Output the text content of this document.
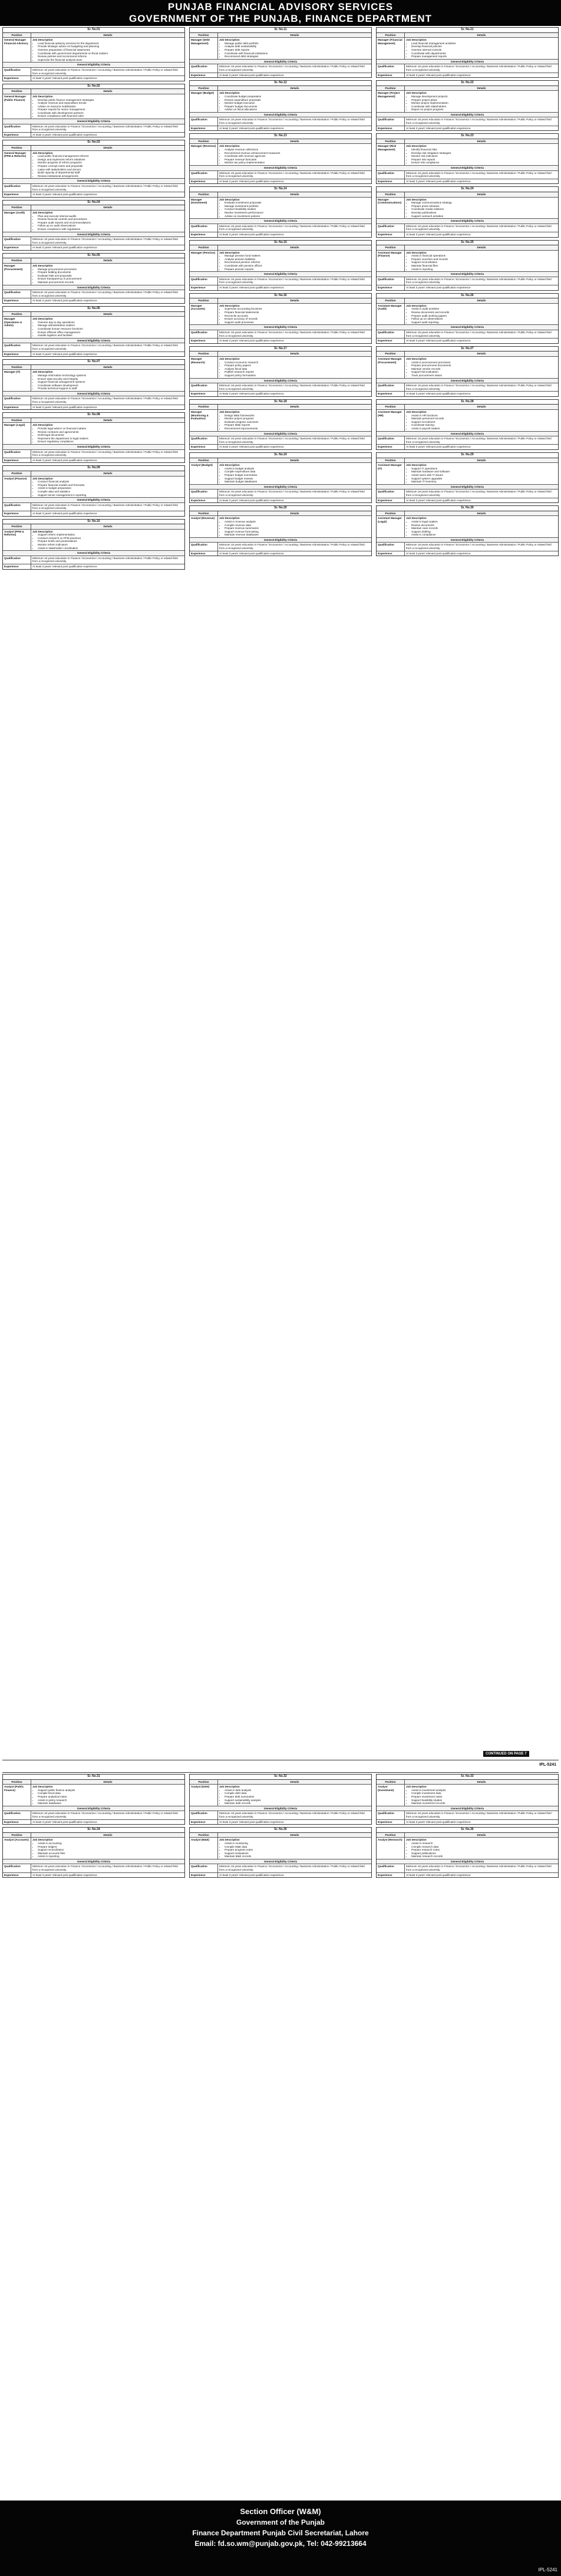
PUNJAB FINANCIAL ADVISORY SERVICES
GOVERNMENT OF THE PUNJAB, FINANCE DEPARTMENT
Sr. No.01
Position	Details
General Manager Financial Advisory
Job Description
• Lead financial advisory services for the department
• Provide strategic advice on budgeting and planning
• Oversee preparation of financial statements
• Coordinate with government departments on fiscal matters
• Review policies and recommend reforms
• Supervise the financial analysis team
General Eligibility Criteria
Qualification	Minimum 16 years education in Finance / Economics / Accounting / Business Administration / Public Policy or related field from a recognized university.
Experience	At least 3 years' relevant post qualification experience.
Sr. No.02
Position	Details
General Manager (Public Finance)
Job Description
• Develop public finance management strategies
• Analyse revenue and expenditure trends
• Advise on resource mobilization
• Prepare reports for senior management
• Coordinate with development partners
• Ensure compliance with financial rules
General Eligibility Criteria
Qualification	Minimum 16 years education in Finance / Economics / Accounting / Business Administration / Public Policy or related field from a recognized university.
Experience	At least 3 years' relevant post qualification experience.
Sr. No.03
Position	Details
General Manager (PFM & Reforms)
Job Description
• Lead public financial management reforms
• Design and implement reform initiatives
• Monitor progress of reform programs
• Prepare concept notes and proposals
• Liaise with stakeholders and donors
• Build capacity of departmental staff
• Review institutional arrangements
General Eligibility Criteria
Qualification	Minimum 16 years education in Finance / Economics / Accounting / Business Administration / Public Policy or related field from a recognized university.
Experience	At least 3 years' relevant post qualification experience.
Sr. No.04
Position	Details
Manager (Audit)	Job Description
• Plan and execute internal audits
• Review financial controls and procedures
• Prepare audit reports and recommendations
• Follow up on audit observations
• Ensure compliance with regulations
General Eligibility Criteria
Qualification	Minimum 16 years education in Finance / Economics / Accounting / Business Administration / Public Policy or related field from a recognized university.
Experience	At least 3 years' relevant post qualification experience.
Sr. No.05
Position	Details
Manager (Procurement)
Job Description
• Manage procurement processes
• Prepare bidding documents
• Evaluate bids and proposals
• Ensure transparency in procurement
• Maintain procurement records
General Eligibility Criteria
Qualification	Minimum 16 years education in Finance / Economics / Accounting / Business Administration / Public Policy or related field from a recognized university.
Experience	At least 3 years' relevant post qualification experience.
Sr. No.06
Position	Details
Manager (Operations & Admin)
Job Description
• Oversee day to day operations
• Manage administrative matters
• Coordinate human resource functions
• Ensure efficient office management
• Handle logistics and facilities
General Eligibility Criteria
Qualification	Minimum 16 years education in Finance / Economics / Accounting / Business Administration / Public Policy or related field from a recognized university.
Experience	At least 3 years' relevant post qualification experience.
Sr. No.07
Position	Details
Manager (IT)	Job Description
• Manage information technology systems
• Ensure data security and integrity
• Support financial management systems
• Coordinate software development
• Provide technical support to staff
General Eligibility Criteria
Qualification	Minimum 16 years education in Finance / Economics / Accounting / Business Administration / Public Policy or related field from a recognized university.
Experience	At least 3 years' relevant post qualification experience.
Sr. No.08
Position	Details
Manager (Legal)	Job Description
• Provide legal advice on financial matters
• Review contracts and agreements
• Draft legal documents
• Represent the department in legal matters
• Ensure regulatory compliance
General Eligibility Criteria
Qualification	Minimum 16 years education in Finance / Economics / Accounting / Business Administration / Public Policy or related field from a recognized university.
Experience	At least 3 years' relevant post qualification experience.
Sr. No.09
Position	Details
Analyst (Finance)	Job Description
• Conduct financial analysis
• Prepare financial models and forecasts
• Assist in budget preparation
• Compile data and statistics
• Support senior management in reporting
General Eligibility Criteria
Qualification	Minimum 16 years education in Finance / Economics / Accounting / Business Administration / Public Policy or related field from a recognized university.
Experience	At least 3 years' relevant post qualification experience.
Sr. No.10
Position	Details
Analyst (PFM & Reforms)
Job Description
• Support reform implementation
• Conduct research on PFM practices
• Prepare briefs and presentations
• Monitor reform indicators
• Assist in stakeholder coordination
General Eligibility Criteria
Qualification	Minimum 16 years education in Finance / Economics / Accounting / Business Administration / Public Policy or related field from a recognized university.
Experience	At least 3 years' relevant post qualification experience.
Sr. No.11
Position	Details
Manager (Debt Management)
Job Description
• Manage public debt portfolio
• Analyse debt sustainability
• Prepare debt reports
• Coordinate with financial institutions
• Recommend debt strategies
General Eligibility Criteria
Qualification	Minimum 16 years education in Finance / Economics / Accounting / Business Administration / Public Policy or related field from a recognized university.
Experience	At least 3 years' relevant post qualification experience.
Sr. No.12
Position	Details
Manager (Budget)	Job Description
• Coordinate budget preparation
• Review expenditure proposals
• Monitor budget execution
• Prepare budget documents
• Advise on fiscal allocations
General Eligibility Criteria
Qualification	Minimum 16 years education in Finance / Economics / Accounting / Business Administration / Public Policy or related field from a recognized university.
Experience	At least 3 years' relevant post qualification experience.
Sr. No.13
Position	Details
Manager (Revenue)	Job Description
• Analyse revenue collections
• Recommend revenue enhancement measures
• Coordinate with revenue agencies
• Prepare revenue forecasts
• Monitor tax policy implementation
General Eligibility Criteria
Qualification	Minimum 16 years education in Finance / Economics / Accounting / Business Administration / Public Policy or related field from a recognized university.
Experience	At least 3 years' relevant post qualification experience.
Sr. No.14
Position	Details
Manager (Investment)
Job Description
• Evaluate investment proposals
• Manage investment portfolio
• Conduct feasibility studies
• Monitor investment performance
• Advise on investment policies
General Eligibility Criteria
Qualification	Minimum 16 years education in Finance / Economics / Accounting / Business Administration / Public Policy or related field from a recognized university.
Experience	At least 3 years' relevant post qualification experience.
Sr. No.15
Position	Details
Manager (Pension)	Job Description
• Manage pension fund matters
• Analyse pension liabilities
• Recommend pension reforms
• Coordinate with pension offices
• Prepare pension reports
General Eligibility Criteria
Qualification	Minimum 16 years education in Finance / Economics / Accounting / Business Administration / Public Policy or related field from a recognized university.
Experience	At least 3 years' relevant post qualification experience.
Sr. No.16
Position	Details
Manager (Accounts)
Job Description
• Supervise accounting functions
• Prepare financial statements
• Reconcile accounts
• Ensure accuracy of records
• Support audit processes
General Eligibility Criteria
Qualification	Minimum 16 years education in Finance / Economics / Accounting / Business Administration / Public Policy or related field from a recognized university.
Experience	At least 3 years' relevant post qualification experience.
Sr. No.17
Position	Details
Manager (Research)
Job Description
• Conduct economic research
• Prepare policy papers
• Analyse fiscal data
• Publish research reports
• Support policy formulation
General Eligibility Criteria
Qualification	Minimum 16 years education in Finance / Economics / Accounting / Business Administration / Public Policy or related field from a recognized university.
Experience	At least 3 years' relevant post qualification experience.
Sr. No.18
Position	Details
Manager (Monitoring & Evaluation)
Job Description
• Design M&E frameworks
• Monitor project progress
• Evaluate program outcomes
• Prepare M&E reports
• Recommend improvements
General Eligibility Criteria
Qualification	Minimum 16 years education in Finance / Economics / Accounting / Business Administration / Public Policy or related field from a recognized university.
Experience	At least 3 years' relevant post qualification experience.
Sr. No.19
Position	Details
Analyst (Budget)	Job Description
• Assist in budget analysis
• Compile expenditure data
• Prepare budget summaries
• Support budget reviews
• Maintain budget databases
General Eligibility Criteria
Qualification	Minimum 16 years education in Finance / Economics / Accounting / Business Administration / Public Policy or related field from a recognized university.
Experience	At least 3 years' relevant post qualification experience.
Sr. No.20
Position	Details
Analyst (Revenue)	Job Description
• Assist in revenue analysis
• Compile revenue data
• Prepare revenue summaries
• Support revenue forecasting
• Maintain revenue databases
General Eligibility Criteria
Qualification	Minimum 16 years education in Finance / Economics / Accounting / Business Administration / Public Policy or related field from a recognized university.
Experience	At least 3 years' relevant post qualification experience.
Sr. No.21
Position	Details
Manager (Financial Management)
Job Description
• Lead financial management activities
• Develop financial policies
• Oversee internal controls
• Coordinate with departments
• Prepare management reports
General Eligibility Criteria
Qualification	Minimum 16 years education in Finance / Economics / Accounting / Business Administration / Public Policy or related field from a recognized university.
Experience	At least 3 years' relevant post qualification experience.
Sr. No.22
Position	Details
Manager (Project Management)
Job Description
• Manage development projects
• Prepare project plans
• Monitor project implementation
• Coordinate with stakeholders
• Report on project progress
General Eligibility Criteria
Qualification	Minimum 16 years education in Finance / Economics / Accounting / Business Administration / Public Policy or related field from a recognized university.
Experience	At least 3 years' relevant post qualification experience.
Sr. No.23
Position	Details
Manager (Risk Management)
Job Description
• Identify financial risks
• Develop risk mitigation strategies
• Monitor risk indicators
• Prepare risk reports
• Ensure risk compliance
General Eligibility Criteria
Qualification	Minimum 16 years education in Finance / Economics / Accounting / Business Administration / Public Policy or related field from a recognized university.
Experience	At least 3 years' relevant post qualification experience.
Sr. No.24
Position	Details
Manager (Communications)
Job Description
• Manage communications strategy
• Prepare press releases
• Coordinate media relations
• Develop publications
• Support outreach activities
General Eligibility Criteria
Qualification	Minimum 16 years education in Finance / Economics / Accounting / Business Administration / Public Policy or related field from a recognized university.
Experience	At least 3 years' relevant post qualification experience.
Sr. No.25
Position	Details
Assistant Manager (Finance)
Job Description
• Assist in financial operations
• Prepare vouchers and records
• Support reconciliation
• Maintain financial files
• Assist in reporting
General Eligibility Criteria
Qualification	Minimum 16 years education in Finance / Economics / Accounting / Business Administration / Public Policy or related field from a recognized university.
Experience	At least 3 years' relevant post qualification experience.
Sr. No.26
Position	Details
Assistant Manager (Audit)
Job Description
• Assist in audit activities
• Review documents and records
• Prepare audit working papers
• Follow up on observations
• Support audit reporting
General Eligibility Criteria
Qualification	Minimum 16 years education in Finance / Economics / Accounting / Business Administration / Public Policy or related field from a recognized university.
Experience	At least 3 years' relevant post qualification experience.
Sr. No.27
Position	Details
Assistant Manager (Procurement)
Job Description
• Assist in procurement processes
• Prepare procurement documents
• Maintain vendor records
• Support bid evaluation
• Track procurement status
General Eligibility Criteria
Qualification	Minimum 16 years education in Finance / Economics / Accounting / Business Administration / Public Policy or related field from a recognized university.
Experience	At least 3 years' relevant post qualification experience.
Sr. No.28
Position	Details
Assistant Manager (HR)
Job Description
• Assist in HR functions
• Maintain personnel records
• Support recruitment
• Coordinate training
• Assist in payroll matters
General Eligibility Criteria
Qualification	Minimum 16 years education in Finance / Economics / Accounting / Business Administration / Public Policy or related field from a recognized university.
Experience	At least 3 years' relevant post qualification experience.
Sr. No.29
Position	Details
Assistant Manager (IT)
Job Description
• Support IT operations
• Maintain hardware and software
• Assist users with IT issues
• Support system upgrades
• Maintain IT inventory
General Eligibility Criteria
Qualification	Minimum 16 years education in Finance / Economics / Accounting / Business Administration / Public Policy or related field from a recognized university.
Experience	At least 3 years' relevant post qualification experience.
Sr. No.30
Position	Details
Assistant Manager (Legal)
Job Description
• Assist in legal matters
• Review documents
• Maintain case records
• Support drafting
• Assist in compliance
General Eligibility Criteria
Qualification	Minimum 16 years education in Finance / Economics / Accounting / Business Administration / Public Policy or related field from a recognized university.
Experience	At least 3 years' relevant post qualification experience.
CONTINUED ON PAGE 7
IPL-5241
Sr. No.31
Position	Details
Analyst (Public Finance)
Job Description
• Support public finance analysis
• Compile fiscal data
• Prepare analytical notes
• Assist in policy research
• Maintain databases
General Eligibility Criteria
Qualification	Minimum 16 years education in Finance / Economics / Accounting / Business Administration / Public Policy or related field from a recognized university.
Experience	At least 3 years' relevant post qualification experience.
Sr. No.34
Position	Details
Analyst (Accounts)	Job Description
• Assist in accounting
• Prepare ledgers
• Support reconciliation
• Maintain accounts files
• Assist in reporting
General Eligibility Criteria
Qualification	Minimum 16 years education in Finance / Economics / Accounting / Business Administration / Public Policy or related field from a recognized university.
Experience	At least 3 years' relevant post qualification experience.
Sr. No.32
Position	Details
Analyst (Debt)	Job Description
• Assist in debt analysis
• Compile debt data
• Prepare debt summaries
• Support sustainability analysis
• Maintain debt records
General Eligibility Criteria
Qualification	Minimum 16 years education in Finance / Economics / Accounting / Business Administration / Public Policy or related field from a recognized university.
Experience	At least 3 years' relevant post qualification experience.
Sr. No.35
Position	Details
Analyst (M&E)	Job Description
• Assist in monitoring
• Compile M&E data
• Prepare progress notes
• Support evaluations
• Maintain M&E records
General Eligibility Criteria
Qualification	Minimum 16 years education in Finance / Economics / Accounting / Business Administration / Public Policy or related field from a recognized university.
Experience	At least 3 years' relevant post qualification experience.
Sr. No.33
Position	Details
Analyst (Investment)
Job Description
• Assist in investment analysis
• Compile investment data
• Prepare investment notes
• Support feasibility studies
• Maintain investment records
General Eligibility Criteria
Qualification	Minimum 16 years education in Finance / Economics / Accounting / Business Administration / Public Policy or related field from a recognized university.
Experience	At least 3 years' relevant post qualification experience.
Sr. No.36
Position	Details
Analyst (Research)	Job Description
• Assist in research
• Compile research data
• Prepare research notes
• Support publications
• Maintain research records
General Eligibility Criteria
Qualification	Minimum 16 years education in Finance / Economics / Accounting / Business Administration / Public Policy or related field from a recognized university.
Experience	At least 3 years' relevant post qualification experience.
Section Officer (W&M)
Government of the Punjab
Finance Department Punjab Civil Secretariat, Lahore
Email: fd.so.wm@punjab.gov.pk, Tel: 042-99213664
IPL-5241
